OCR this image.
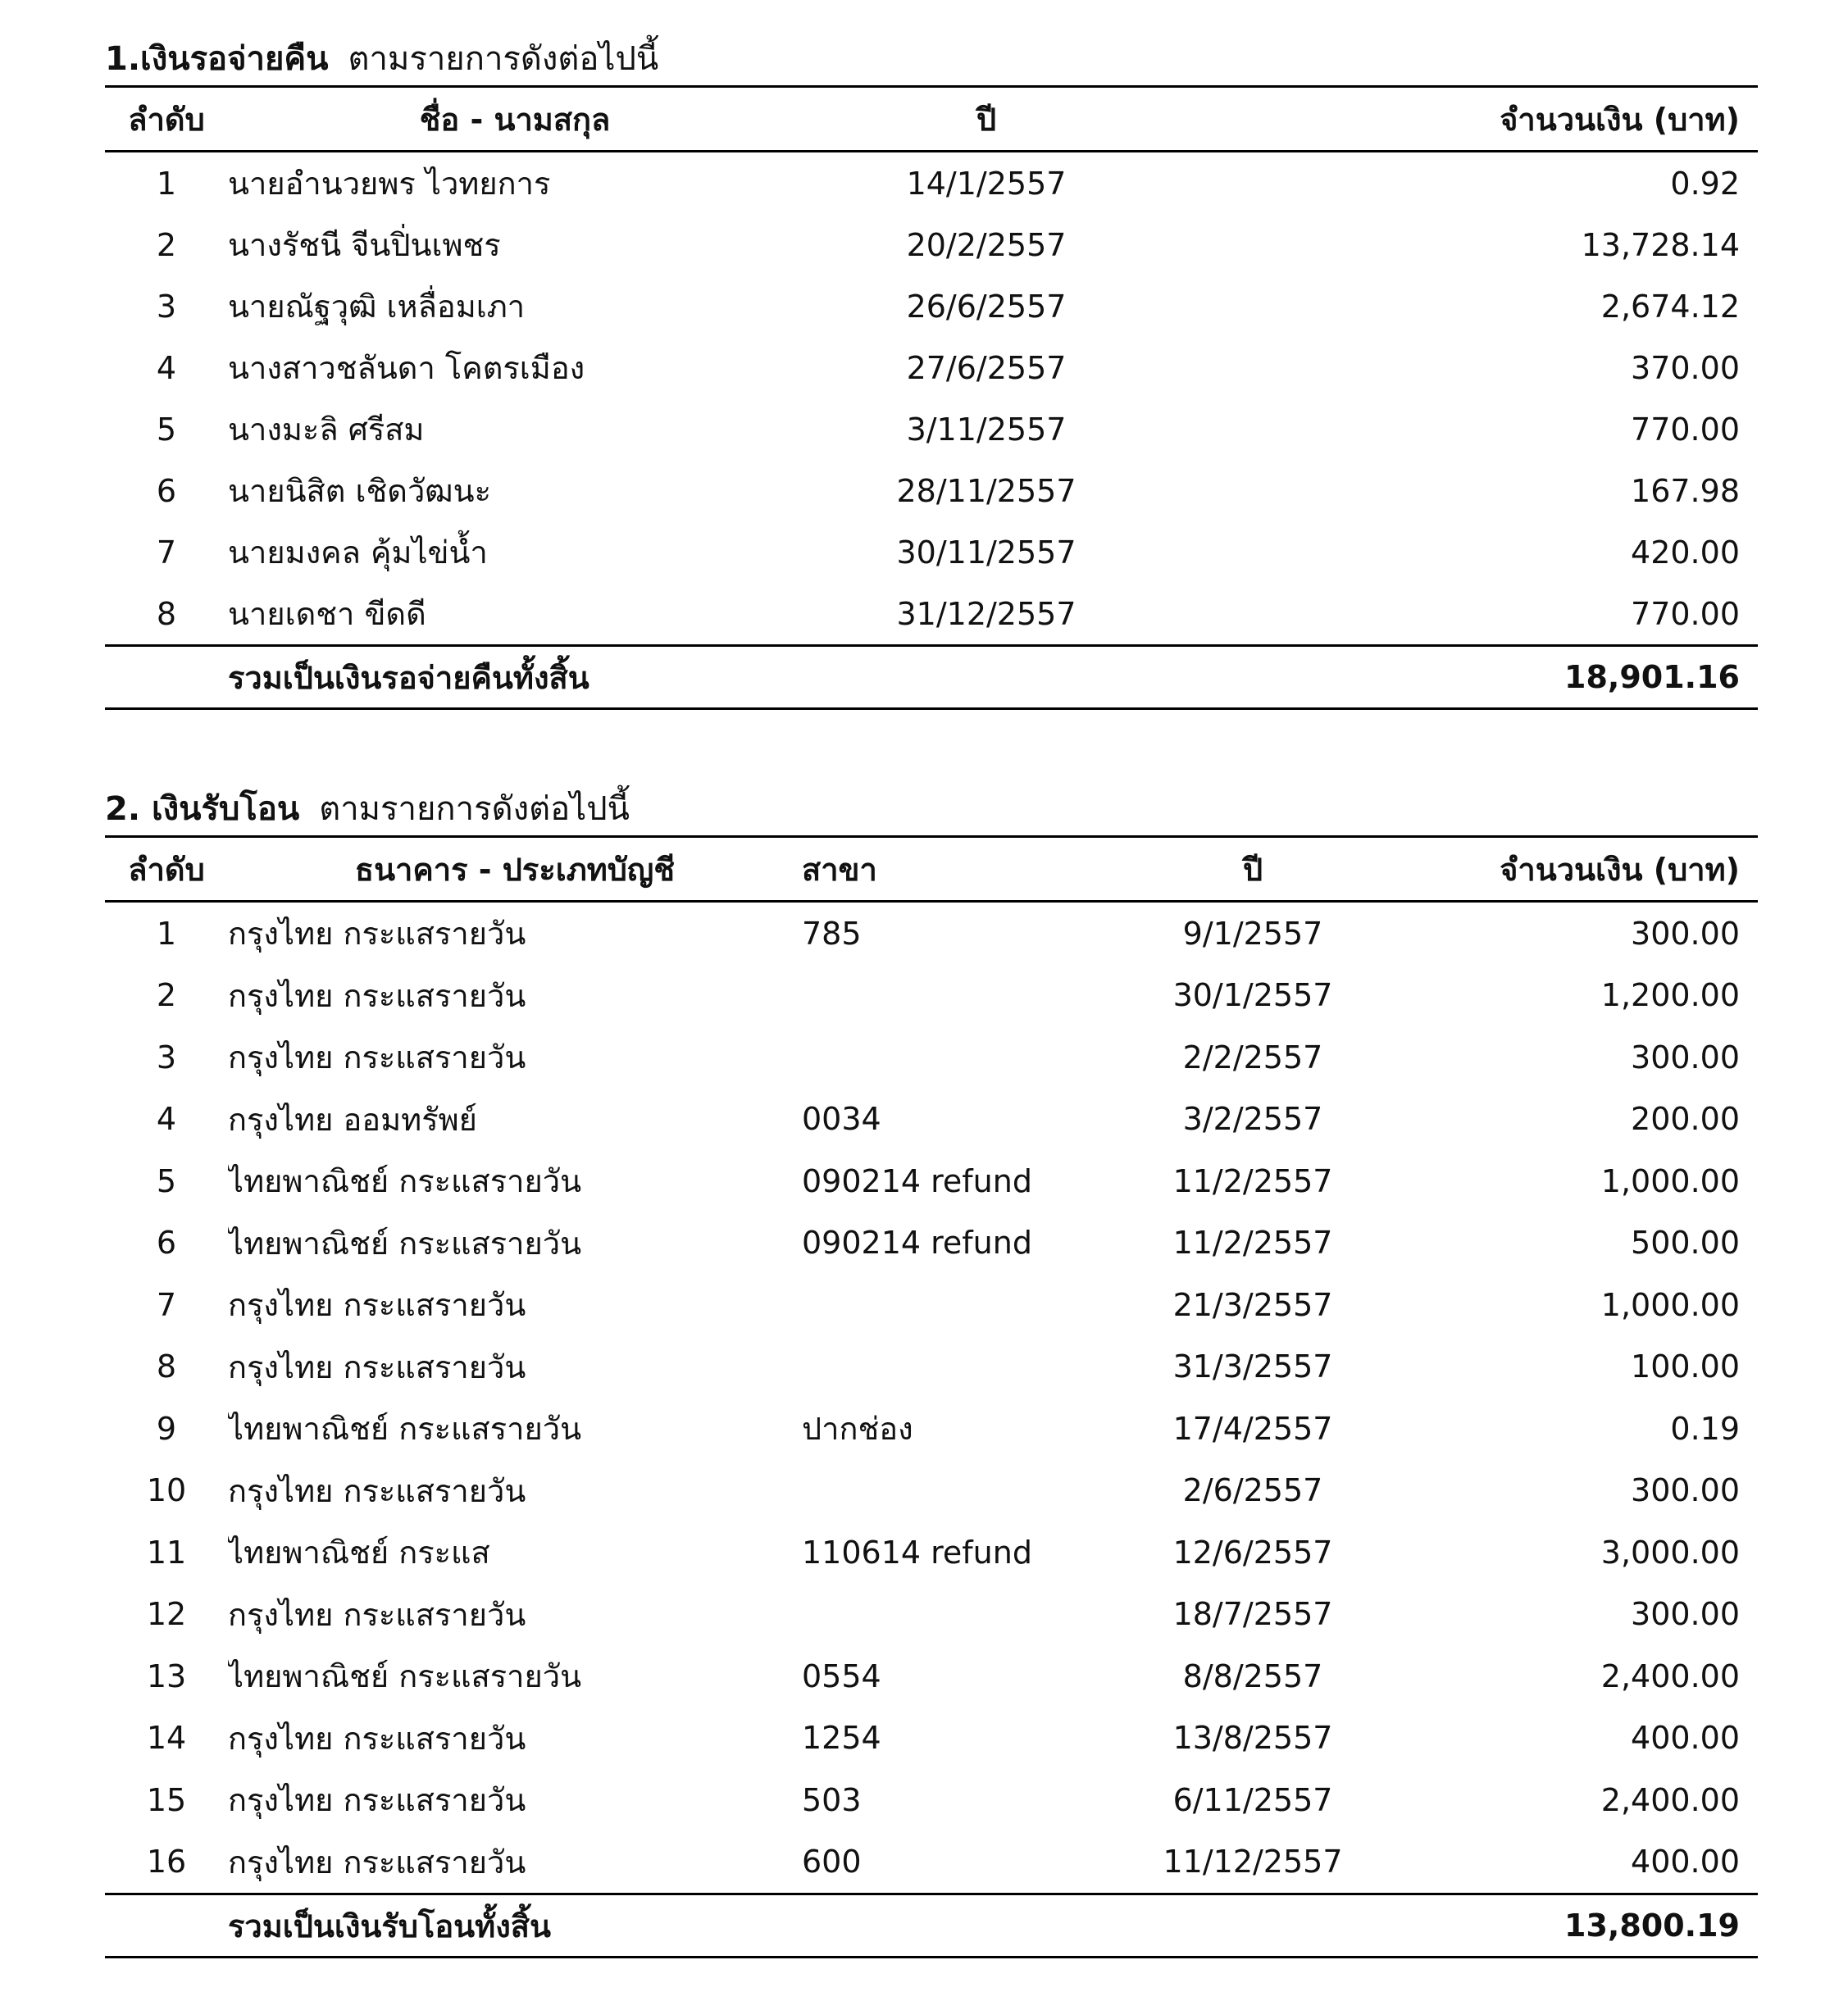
1.เงินรอจ่ายคืน ตามรายการดังต่อไปนี้
ลำดับ	ชื่อ - นามสกุล	ปี	จำนวนเงิน (บาท)
1	นายอำนวยพร ไวทยการ	14/1/2557	0.92
2	นางรัชนี จีนปิ่นเพชร	20/2/2557	13,728.14
3	นายณัฐวุฒิ เหลื่อมเภา	26/6/2557	2,674.12
4	นางสาวชลันดา โคตรเมือง	27/6/2557	370.00
5	นางมะลิ ศรีสม	3/11/2557	770.00
6	นายนิสิต เชิดวัฒนะ	28/11/2557	167.98
7	นายมงคล คุ้มไข่น้ำ	30/11/2557	420.00
8	นายเดชา ขีดดี	31/12/2557	770.00
	รวมเป็นเงินรอจ่ายคืนทั้งสิ้น		18,901.16
2. เงินรับโอน ตามรายการดังต่อไปนี้
ลำดับ	ธนาคาร - ประเภทบัญชี	สาขา	ปี	จำนวนเงิน (บาท)
1	กรุงไทย กระแสรายวัน	785	9/1/2557	300.00
2	กรุงไทย กระแสรายวัน		30/1/2557	1,200.00
3	กรุงไทย กระแสรายวัน		2/2/2557	300.00
4	กรุงไทย ออมทรัพย์	0034	3/2/2557	200.00
5	ไทยพาณิชย์ กระแสรายวัน	090214 refund	11/2/2557	1,000.00
6	ไทยพาณิชย์ กระแสรายวัน	090214 refund	11/2/2557	500.00
7	กรุงไทย กระแสรายวัน		21/3/2557	1,000.00
8	กรุงไทย กระแสรายวัน		31/3/2557	100.00
9	ไทยพาณิชย์ กระแสรายวัน	ปากช่อง	17/4/2557	0.19
10	กรุงไทย กระแสรายวัน		2/6/2557	300.00
11	ไทยพาณิชย์ กระแส	110614 refund	12/6/2557	3,000.00
12	กรุงไทย กระแสรายวัน		18/7/2557	300.00
13	ไทยพาณิชย์ กระแสรายวัน	0554	8/8/2557	2,400.00
14	กรุงไทย กระแสรายวัน	1254	13/8/2557	400.00
15	กรุงไทย กระแสรายวัน	503	6/11/2557	2,400.00
16	กรุงไทย กระแสรายวัน	600	11/12/2557	400.00
	รวมเป็นเงินรับโอนทั้งสิ้น			13,800.19
